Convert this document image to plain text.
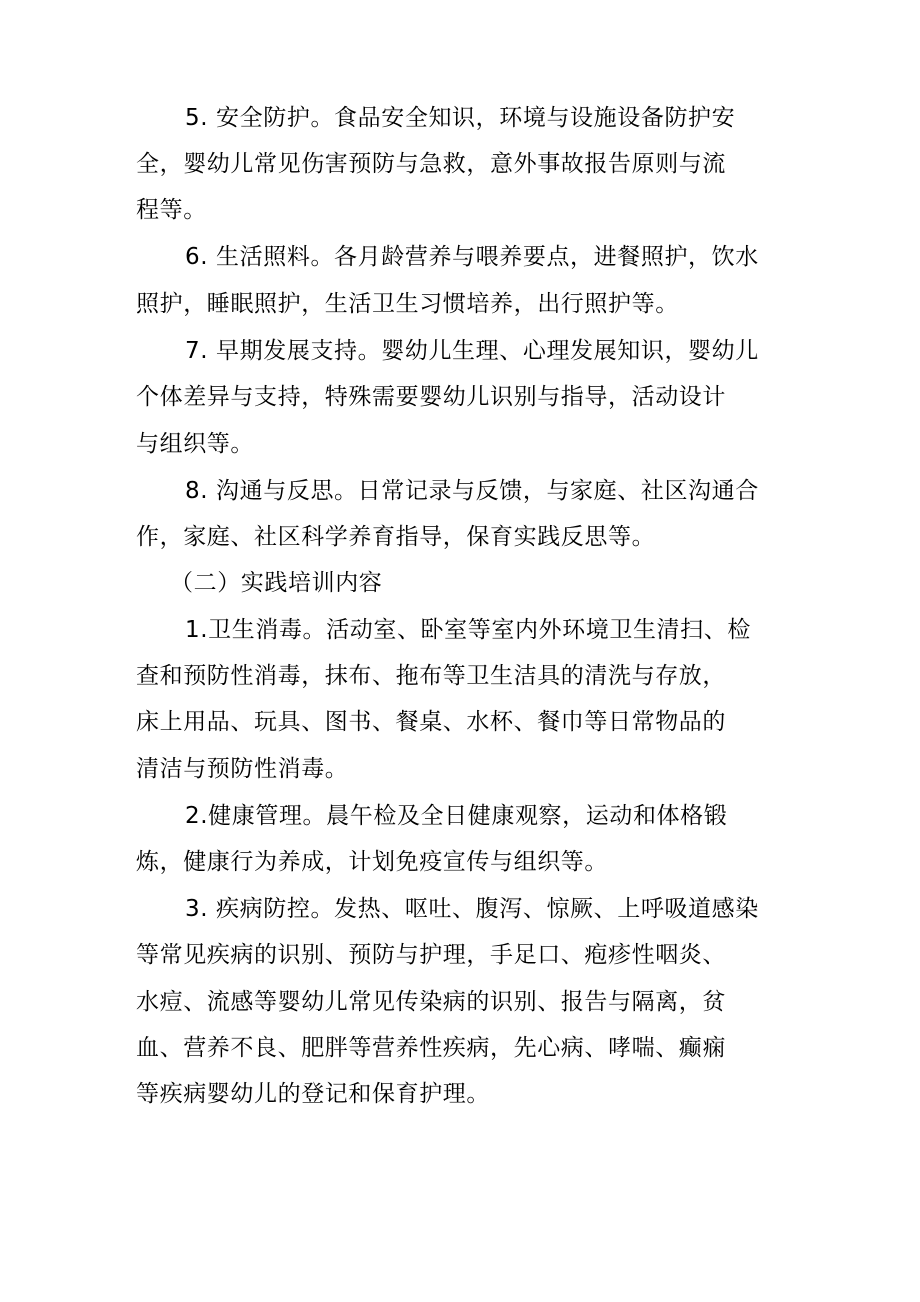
5. 安全防护。食品安全知识，环境与设施设备防护安
全，婴幼儿常见伤害预防与急救，意外事故报告原则与流
程等。
6. 生活照料。各月龄营养与喂养要点，进餐照护，饮水
照护，睡眠照护，生活卫生习惯培养，出行照护等。
7. 早期发展支持。婴幼儿生理、心理发展知识，婴幼儿
个体差异与支持，特殊需要婴幼儿识别与指导，活动设计
与组织等。
8. 沟通与反思。日常记录与反馈，与家庭、社区沟通合
作，家庭、社区科学养育指导，保育实践反思等。
（二）实践培训内容
1.卫生消毒。活动室、卧室等室内外环境卫生清扫、检
查和预防性消毒，抹布、拖布等卫生洁具的清洗与存放，
床上用品、玩具、图书、餐桌、水杯、餐巾等日常物品的
清洁与预防性消毒。
2.健康管理。晨午检及全日健康观察，运动和体格锻
炼，健康行为养成，计划免疫宣传与组织等。
3. 疾病防控。发热、呕吐、腹泻、惊厥、上呼吸道感染
等常见疾病的识别、预防与护理，手足口、疱疹性咽炎、
水痘、流感等婴幼儿常见传染病的识别、报告与隔离，贫
血、营养不良、肥胖等营养性疾病，先心病、哮喘、癫痫
等疾病婴幼儿的登记和保育护理。
